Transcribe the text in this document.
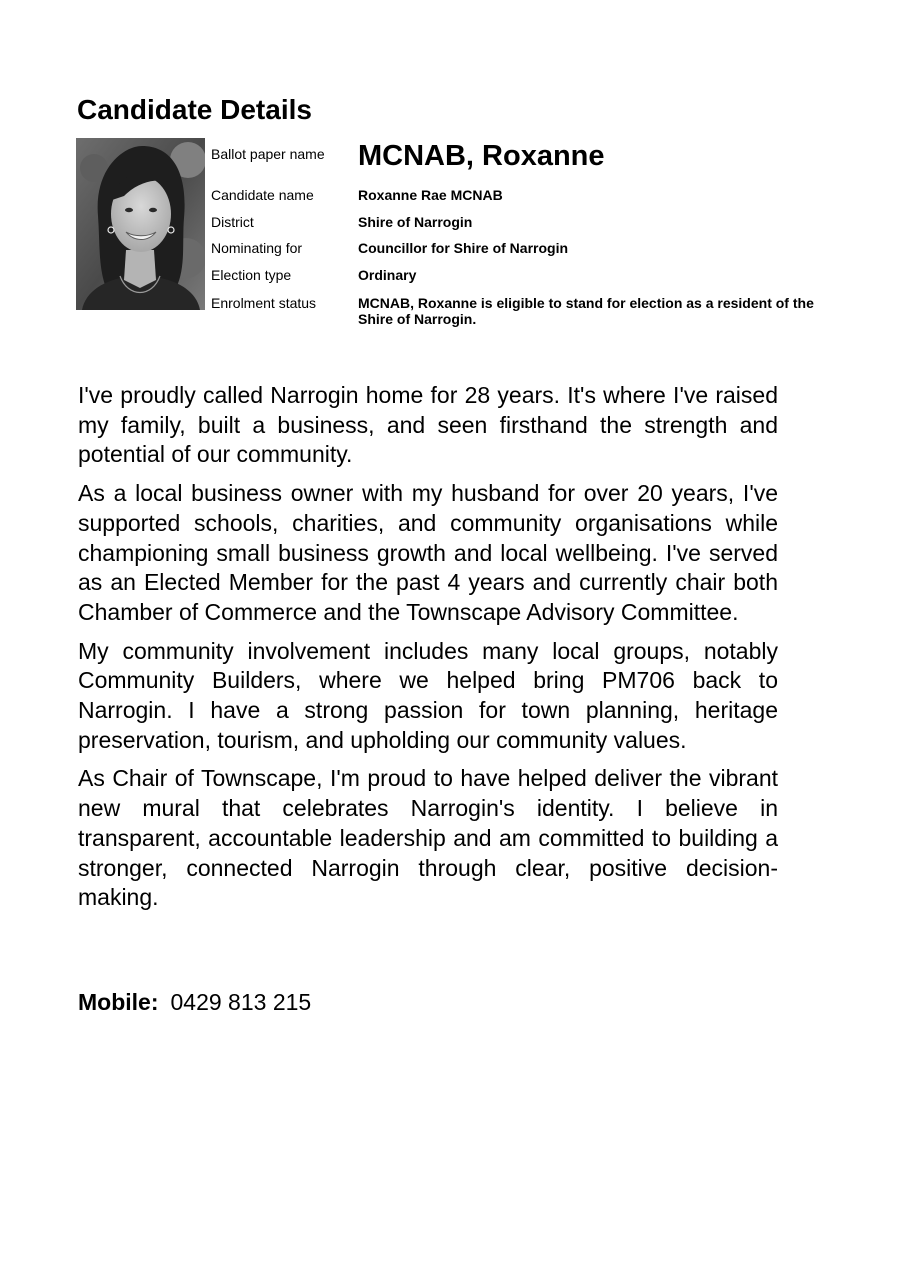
Candidate Details
Ballot paper name	MCNAB, Roxanne
Candidate name	Roxanne Rae MCNAB
District	Shire of Narrogin
Nominating for	Councillor for Shire of Narrogin
Election type	Ordinary
Enrolment status	MCNAB, Roxanne is eligible to stand for election as a resident of the Shire of Narrogin.

I've proudly called Narrogin home for 28 years. It's where I've raised my family, built a business, and seen firsthand the strength and potential of our community.

As a local business owner with my husband for over 20 years, I've supported schools, charities, and community organisations while championing small business growth and local wellbeing. I've served as an Elected Member for the past 4 years and currently chair both Chamber of Commerce and the Townscape Advisory Committee.

My community involvement includes many local groups, notably Community Builders, where we helped bring PM706 back to Narrogin. I have a strong passion for town planning, heritage preservation, tourism, and upholding our community values.

As Chair of Townscape, I'm proud to have helped deliver the vibrant new mural that celebrates Narrogin's identity. I believe in transparent, accountable leadership and am committed to building a stronger, connected Narrogin through clear, positive decision-making.

Mobile: 0429 813 215
